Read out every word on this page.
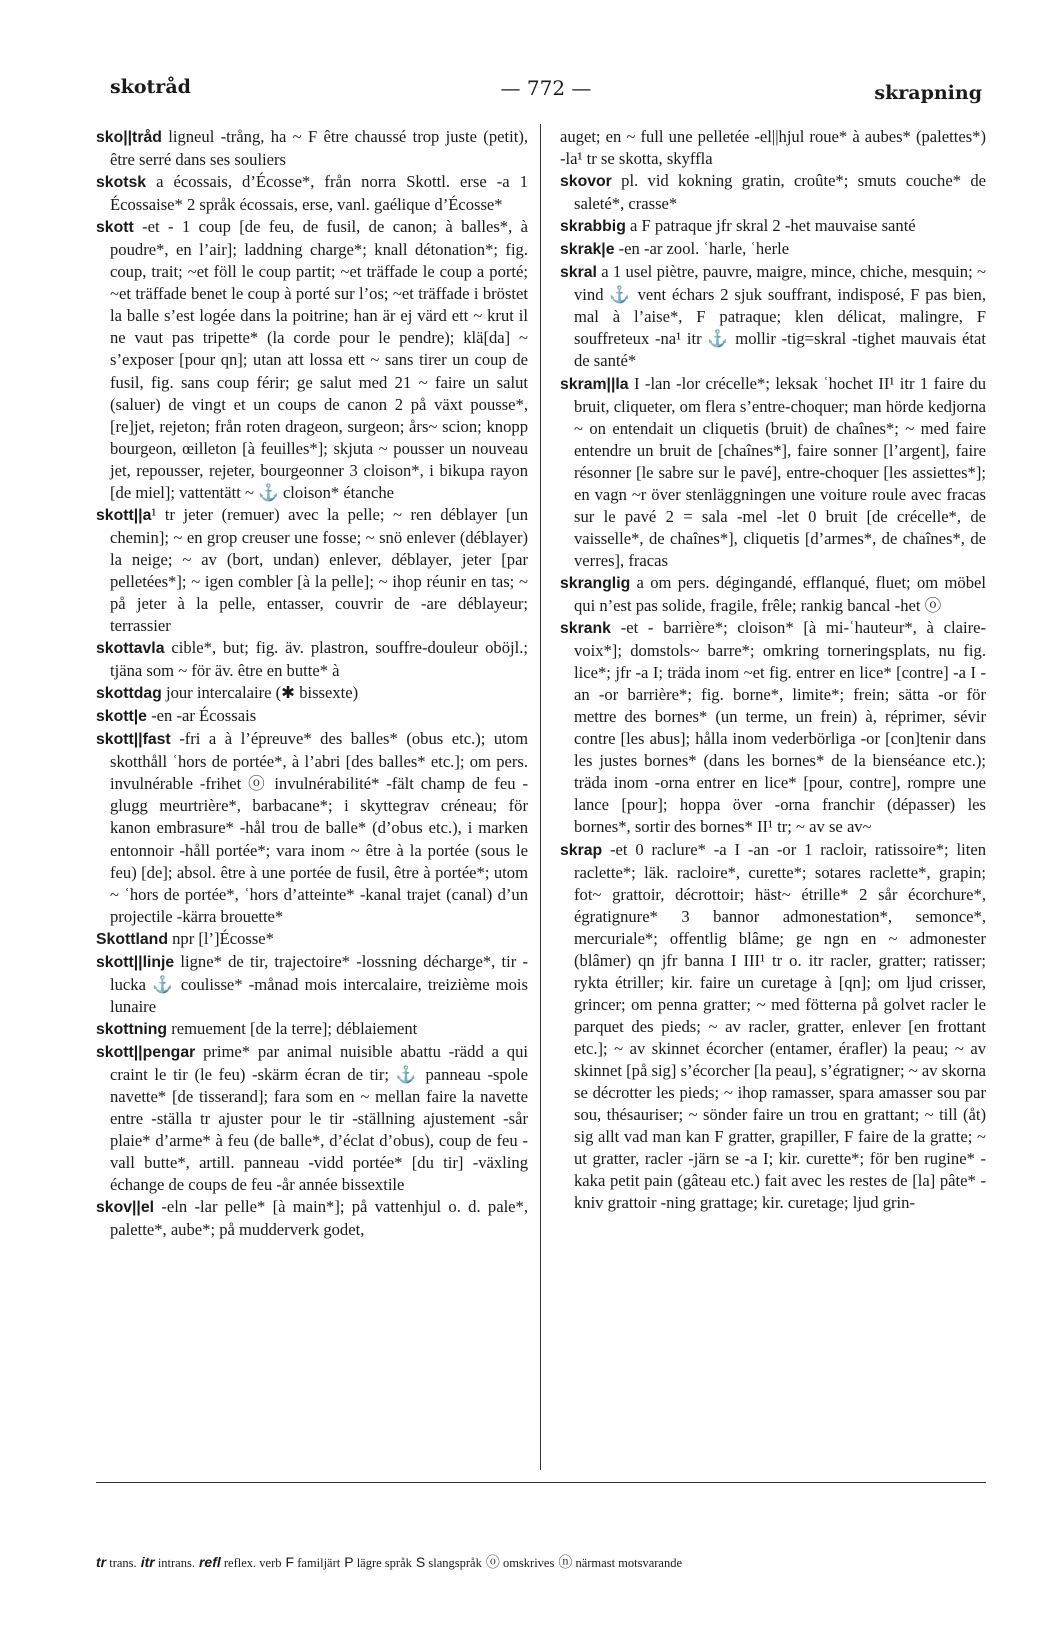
skotråd	— 772 —	skrapning

sko||tråd ligneul -trång, ha ~ F être chaussé trop juste (petit), être serré dans ses souliers

skotsk a écossais, d’Écosse*, från norra Skottl. erse -a 1 Écossaise* 2 språk écossais, erse, vanl. gaélique d’Écosse*

skott -et - 1 coup [de feu, de fusil, de canon; à balles*, à poudre*, en l’air]; laddning charge*; knall détonation*; fig. coup, trait; ~et föll le coup partit; ~et träffade le coup a porté; ~et träffade benet le coup à porté sur l’os; ~et träffade i bröstet la balle s’est logée dans la poitrine; han är ej värd ett ~ krut il ne vaut pas tripette* (la corde pour le pendre); klä[da] ~ s’exposer [pour qn]; utan att lossa ett ~ sans tirer un coup de fusil, fig. sans coup férir; ge salut med 21 ~ faire un salut (saluer) de vingt et un coups de canon 2 på växt pousse*, [re]jet, rejeton; från roten drageon, surgeon; års~ scion; knopp bourgeon, œilleton [à feuilles*]; skjuta ~ pousser un nouveau jet, repousser, rejeter, bourgeonner 3 cloison*, i bikupa rayon [de miel]; vattentätt ~ ⚓ cloison* étanche

skott||a¹ tr jeter (remuer) avec la pelle; ~ ren déblayer [un chemin]; ~ en grop creuser une fosse; ~ snö enlever (déblayer) la neige; ~ av (bort, undan) enlever, déblayer, jeter [par pelletées*]; ~ igen combler [à la pelle]; ~ ihop réunir en tas; ~ på jeter à la pelle, entasser, couvrir de -are déblayeur; terrassier

skottavla cible*, but; fig. äv. plastron, souffre-douleur oböjl.; tjäna som ~ för äv. être en butte* à

skottdag jour intercalaire (✱ bissexte)

skott|e -en -ar Écossais

skott||fast -fri a à l’épreuve* des balles* (obus etc.); utom skotthåll ʿhors de portée*, à l’abri [des balles* etc.]; om pers. invulnérable -frihet ⓞ invulnérabilité* -fält champ de feu -glugg meurtrière*, barbacane*; i skyttegrav créneau; för kanon embrasure* -hål trou de balle* (d’obus etc.), i marken entonnoir -håll portée*; vara inom ~ être à la portée (sous le feu) [de]; absol. être à une portée de fusil, être à portée*; utom ~ ʿhors de portée*, ʿhors d’atteinte* -kanal trajet (canal) d’un projectile -kärra brouette*

Skottland npr [l’]Écosse*

skott||linje ligne* de tir, trajectoire* -lossning décharge*, tir -lucka ⚓ coulisse* -månad mois intercalaire, treizième mois lunaire

skottning remuement [de la terre]; déblaiement

skott||pengar prime* par animal nuisible abattu -rädd a qui craint le tir (le feu) -skärm écran de tir; ⚓ panneau -spole navette* [de tisserand]; fara som en ~ mellan faire la navette entre -ställa tr ajuster pour le tir -ställning ajustement -sår plaie* d’arme* à feu (de balle*, d’éclat d’obus), coup de feu -vall butte*, artill. panneau -vidd portée* [du tir] -växling échange de coups de feu -år année bissextile

skov||el -eln -lar pelle* [à main*]; på vattenhjul o. d. pale*, palette*, aube*; på mudderverk godet,

auget; en ~ full une pelletée -el||hjul roue* à aubes* (palettes*) -la¹ tr se skotta, skyffla

skovor pl. vid kokning gratin, croûte*; smuts couche* de saleté*, crasse*

skrabbig a F patraque jfr skral 2 -het mauvaise santé

skrak|e -en -ar zool. ʿharle, ʿherle

skral a 1 usel piètre, pauvre, maigre, mince, chiche, mesquin; ~ vind ⚓ vent échars 2 sjuk souffrant, indisposé, F pas bien, mal à l’aise*, F patraque; klen délicat, malingre, F souffreteux -na¹ itr ⚓ mollir -tig=skral -tighet mauvais état de santé*

skram||la I -lan -lor crécelle*; leksak ʿhochet II¹ itr 1 faire du bruit, cliqueter, om flera s’entre-choquer; man hörde kedjorna ~ on entendait un cliquetis (bruit) de chaînes*; ~ med faire entendre un bruit de [chaînes*], faire sonner [l’argent], faire résonner [le sabre sur le pavé], entre-choquer [les assiettes*]; en vagn ~r över stenläggningen une voiture roule avec fracas sur le pavé 2 = sala -mel -let 0 bruit [de crécelle*, de vaisselle*, de chaînes*], cliquetis [d’armes*, de chaînes*, de verres], fracas

skranglig a om pers. dégingandé, efflanqué, fluet; om möbel qui n’est pas solide, fragile, frêle; rankig bancal -het ⓞ

skrank -et - barrière*; cloison* [à mi-ʿhauteur*, à claire-voix*]; domstols~ barre*; omkring torneringsplats, nu fig. lice*; jfr -a I; träda inom ~et fig. entrer en lice* [contre] -a I -an -or barrière*; fig. borne*, limite*; frein; sätta -or för mettre des bornes* (un terme, un frein) à, réprimer, sévir contre [les abus]; hålla inom vederbörliga -or [con]tenir dans les justes bornes* (dans les bornes* de la bienséance etc.); träda inom -orna entrer en lice* [pour, contre], rompre une lance [pour]; hoppa över -orna franchir (dépasser) les bornes*, sortir des bornes* II¹ tr; ~ av se av~

skrap -et 0 raclure* -a I -an -or 1 racloir, ratissoire*; liten raclette*; läk. racloire*, curette*; sotares raclette*, grapin; fot~ grattoir, décrottoir; häst~ étrille* 2 sår écorchure*, égratignure* 3 bannor admonestation*, semonce*, mercuriale*; offentlig blâme; ge ngn en ~ admonester (blâmer) qn jfr banna I III¹ tr o. itr racler, gratter; ratisser; rykta étriller; kir. faire un curetage à [qn]; om ljud crisser, grincer; om penna gratter; ~ med fötterna på golvet racler le parquet des pieds; ~ av racler, gratter, enlever [en frottant etc.]; ~ av skinnet écorcher (entamer, érafler) la peau; ~ av skinnet [på sig] s’écorcher [la peau], s’égratigner; ~ av skorna se décrotter les pieds; ~ ihop ramasser, spara amasser sou par sou, thésauriser; ~ sönder faire un trou en grattant; ~ till (åt) sig allt vad man kan F gratter, grapiller, F faire de la gratte; ~ ut gratter, racler -järn se -a I; kir. curette*; för ben rugine* -kaka petit pain (gâteau etc.) fait avec les restes de [la] pâte* -kniv grattoir -ning grattage; kir. curetage; ljud grin-

tr trans. itr intrans. refl reflex. verb F familjärt P lägre språk S slangspråk ⓞ omskrives ⓝ närmast motsvarande
